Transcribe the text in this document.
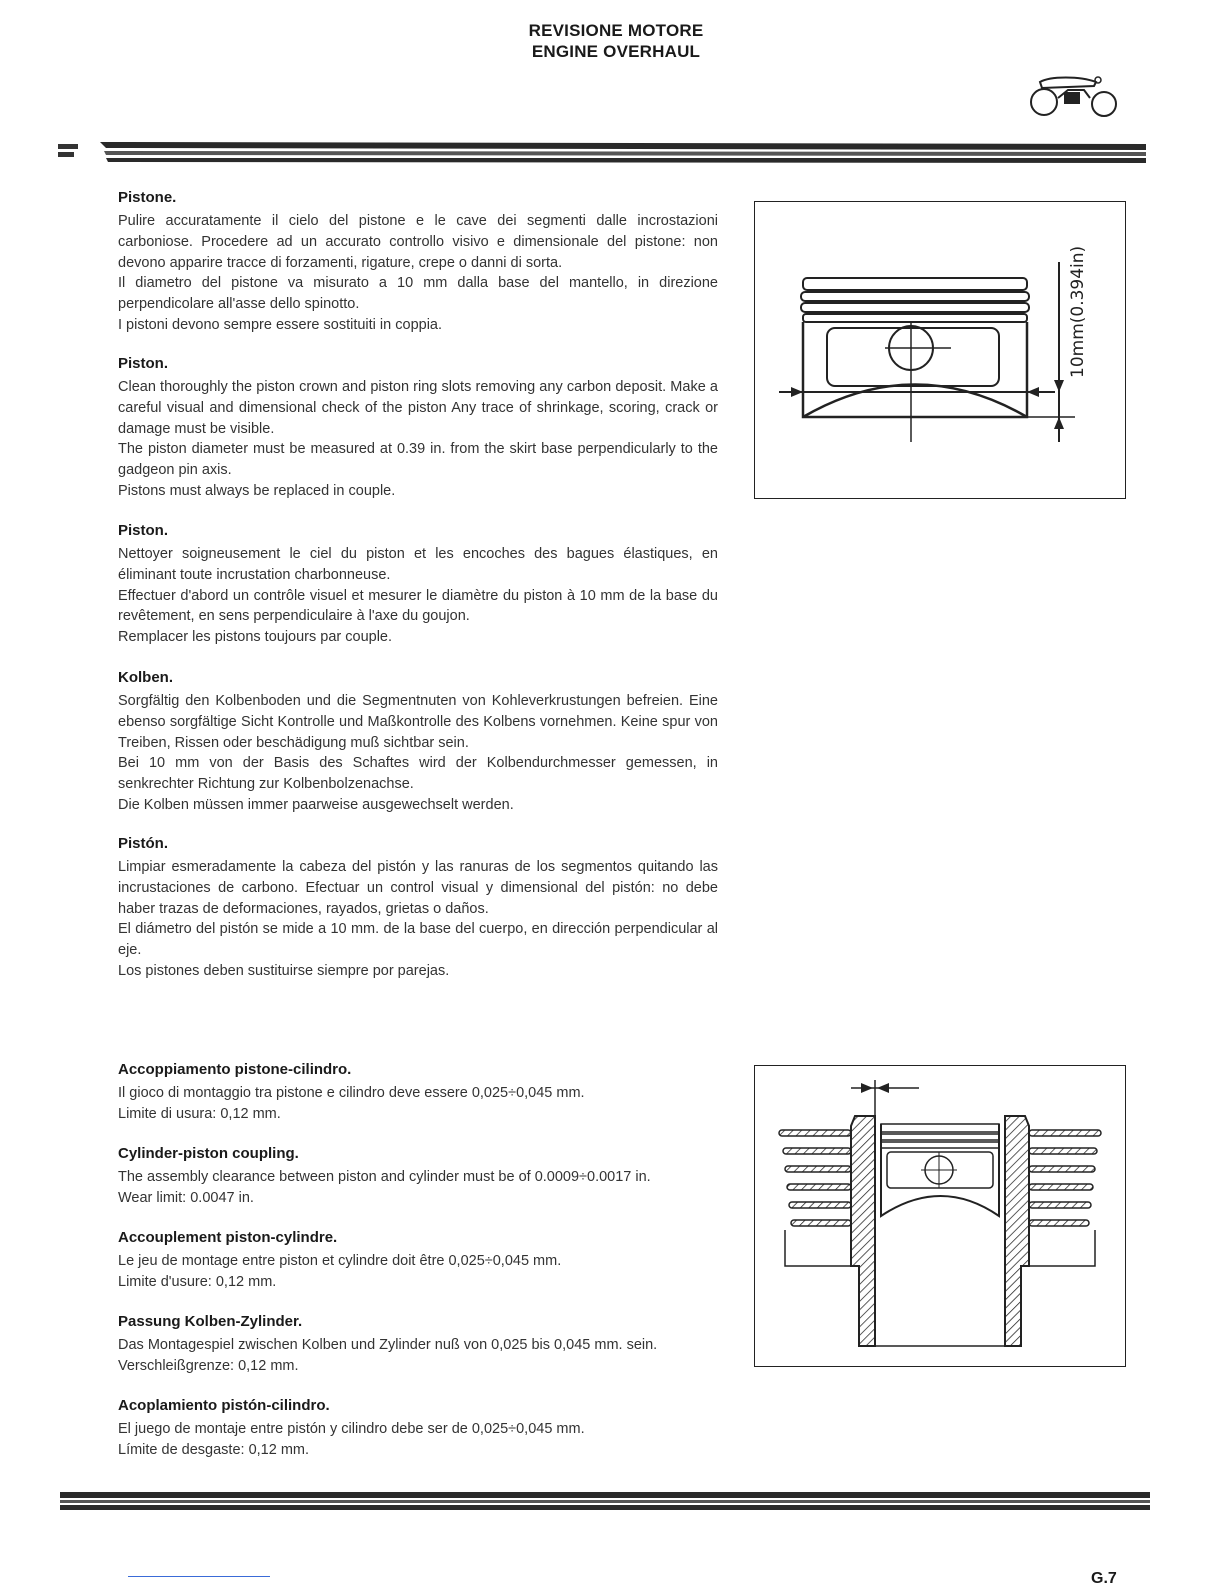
REVISIONE MOTORE
ENGINE OVERHAUL
Pistone.

Pulire accuratamente il cielo del pistone e le cave dei segmenti dalle incrostazioni carboniose. Procedere ad un accurato controllo visivo e dimensionale del pistone: non devono apparire tracce di forzamenti, rigature, crepe o danni di sorta.

Il diametro del pistone va misurato a 10 mm dalla base del mantello, in direzione perpendicolare all'asse dello spinotto.

I pistoni devono sempre essere sostituiti in coppia.

Piston.

Clean thoroughly the piston crown and piston ring slots removing any carbon deposit. Make a careful visual and dimensional check of the piston Any trace of shrinkage, scoring, crack or damage must be visible.

The piston diameter must be measured at 0.39 in. from the skirt base perpendicularly to the gadgeon pin axis.

Pistons must always be replaced in couple.

Piston.

Nettoyer soigneusement le ciel du piston et les encoches des bagues élastiques, en éliminant toute incrustation charbonneuse.

Effectuer d'abord un contrôle visuel et mesurer le diamètre du piston à 10 mm de la base du revêtement, en sens perpendiculaire à l'axe du goujon.

Remplacer les pistons toujours par couple.

Kolben.

Sorgfältig den Kolbenboden und die Segmentnuten von Kohleverkrustungen befreien. Eine ebenso sorgfältige Sicht Kontrolle und Maßkontrolle des Kolbens vornehmen. Keine spur von Treiben, Rissen oder beschädigung muß sichtbar sein.

Bei 10 mm von der Basis des Schaftes wird der Kolbendurchmesser gemessen, in senkrechter Richtung zur Kolbenbolzenachse.

Die Kolben müssen immer paarweise ausgewechselt werden.

Pistón.

Limpiar esmeradamente la cabeza del pistón y las ranuras de los segmentos quitando las incrustaciones de carbono. Efectuar un control visual y dimensional del pistón: no debe haber trazas de deformaciones, rayados, grietas o daños.

El diámetro del pistón se mide a 10 mm. de la base del cuerpo, en dirección perpendicular al eje.

Los pistones deben sustituirse siempre por parejas.

Accoppiamento pistone-cilindro.

Il gioco di montaggio tra pistone e cilindro deve essere 0,025÷0,045 mm.

Limite di usura: 0,12 mm.

Cylinder-piston coupling.

The assembly clearance between piston and cylinder must be of 0.0009÷0.0017 in.

Wear limit: 0.0047 in.

Accouplement piston-cylindre.

Le jeu de montage entre piston et cylindre doit être 0,025÷0,045 mm.

Limite d'usure: 0,12 mm.

Passung Kolben-Zylinder.

Das Montagespiel zwischen Kolben und Zylinder nuß von 0,025 bis 0,045 mm. sein.

Verschleißgrenze: 0,12 mm.

Acoplamiento pistón-cilindro.

El juego de montaje entre pistón y cilindro debe ser de 0,025÷0,045 mm.

Límite de desgaste: 0,12 mm.

10mm(0.394in)
G.7
